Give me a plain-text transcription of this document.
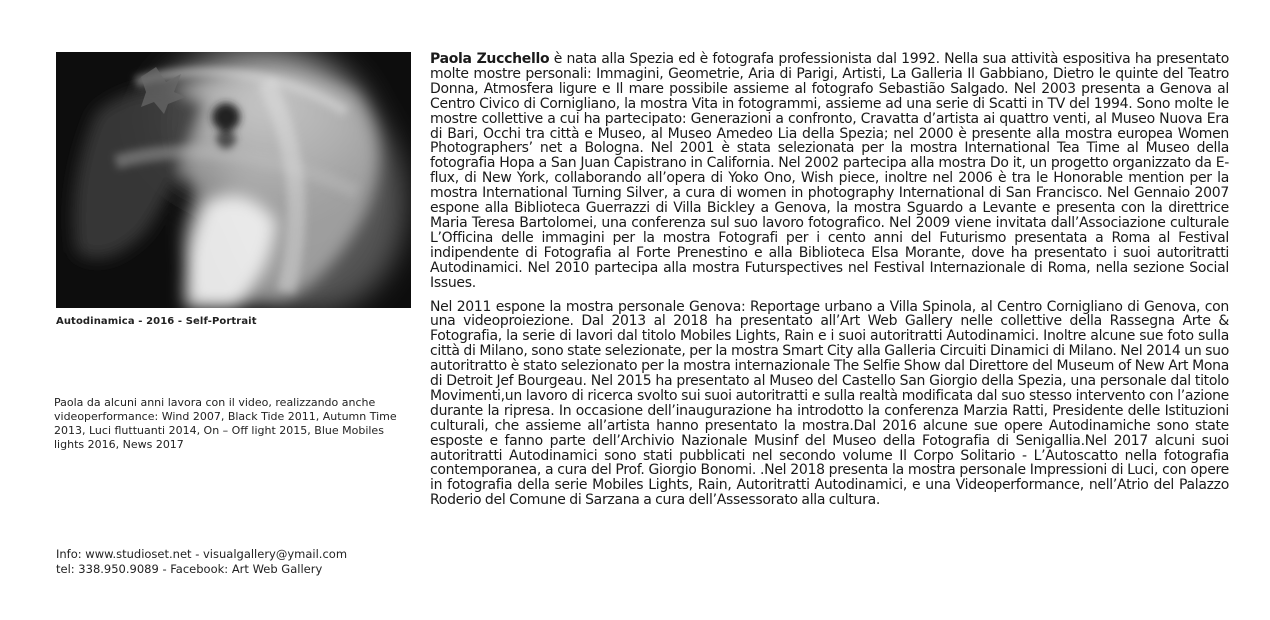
Autodinamica - 2016 - Self-Portrait
Paola da alcuni anni lavora con il video, realizzando anche videoperformance: Wind 2007, Black Tide 2011, Autumn Time 2013, Luci fluttuanti 2014, On – Off light 2015, Blue Mobiles lights 2016, News 2017
Info: www.studioset.net - visualgallery@ymail.com
tel: 338.950.9089 - Facebook: Art Web Gallery

Paola Zucchello è nata alla Spezia ed è fotografa professionista dal 1992. Nella sua attività espositiva ha presentato molte mostre personali: Immagini, Geometrie, Aria di Parigi, Artisti, La Galleria Il Gabbiano, Dietro le quinte del Teatro Donna, Atmosfera ligure e Il mare possibile assieme al fotografo Sebastião Salgado. Nel 2003 presenta a Genova al Centro Civico di Cornigliano, la mostra Vita in fotogrammi, assieme ad una serie di Scatti in TV del 1994. Sono molte le mostre collettive a cui ha partecipato: Generazioni a confronto, Cravatta d’artista ai quattro venti, al Museo Nuova Era di Bari, Occhi tra città e Museo, al Museo Amedeo Lia della Spezia; nel 2000 è presente alla mostra europea Women Photographers’ net a Bologna. Nel 2001 è stata selezionata per la mostra International Tea Time al Museo della fotografia Hopa a San Juan Capistrano in California. Nel 2002 partecipa alla mostra Do it, un progetto organizzato da E-flux, di New York, collaborando all’opera di Yoko Ono, Wish piece, inoltre nel 2006 è tra le Honorable mention per la mostra International Turning Silver, a cura di women in photography International di San Francisco. Nel Gennaio 2007 espone alla Biblioteca Guerrazzi di Villa Bickley a Genova, la mostra Sguardo a Levante e presenta con la direttrice Maria Teresa Bartolomei, una conferenza sul suo lavoro fotografico. Nel 2009 viene invitata dall’Associazione culturale L’Officina delle immagini per la mostra Fotografi per i cento anni del Futurismo presentata a Roma al Festival indipendente di Fotografia al Forte Prenestino e alla Biblioteca Elsa Morante, dove ha presentato i suoi autoritratti Autodinamici. Nel 2010 partecipa alla mostra Futurspectives nel Festival Internazionale di Roma, nella sezione Social Issues.

Nel 2011 espone la mostra personale Genova: Reportage urbano a Villa Spinola, al Centro Cornigliano di Genova, con una videoproiezione. Dal 2013 al 2018 ha presentato all’Art Web Gallery nelle collettive della Rassegna Arte & Fotografia, la serie di lavori dal titolo Mobiles Lights, Rain e i suoi autoritratti Autodinamici. Inoltre alcune sue foto sulla città di Milano, sono state selezionate, per la mostra Smart City alla Galleria Circuiti Dinamici di Milano. Nel 2014 un suo autoritratto è stato selezionato per la mostra internazionale The Selfie Show dal Direttore del Museum of New Art Mona di Detroit Jef Bourgeau. Nel 2015 ha presentato al Museo del Castello San Giorgio della Spezia, una personale dal titolo Movimenti,un lavoro di ricerca svolto sui suoi autoritratti e sulla realtà modificata dal suo stesso intervento con l’azione durante la ripresa. In occasione dell’inaugurazione ha introdotto la conferenza Marzia Ratti, Presidente delle Istituzioni culturali, che assieme all’artista hanno presentato la mostra.Dal 2016 alcune sue opere Autodinamiche sono state esposte e fanno parte dell’Archivio Nazionale Musinf del Museo della Fotografia di Senigallia.Nel 2017 alcuni suoi autoritratti Autodinamici sono stati pubblicati nel secondo volume Il Corpo Solitario - L’Autoscatto nella fotografia contemporanea, a cura del Prof. Giorgio Bonomi. .Nel 2018 presenta la mostra personale Impressioni di Luci, con opere in fotografia della serie Mobiles Lights, Rain, Autoritratti Autodinamici, e una Videoperformance, nell’Atrio del Palazzo Roderio del Comune di Sarzana a cura dell’Assessorato alla cultura.
